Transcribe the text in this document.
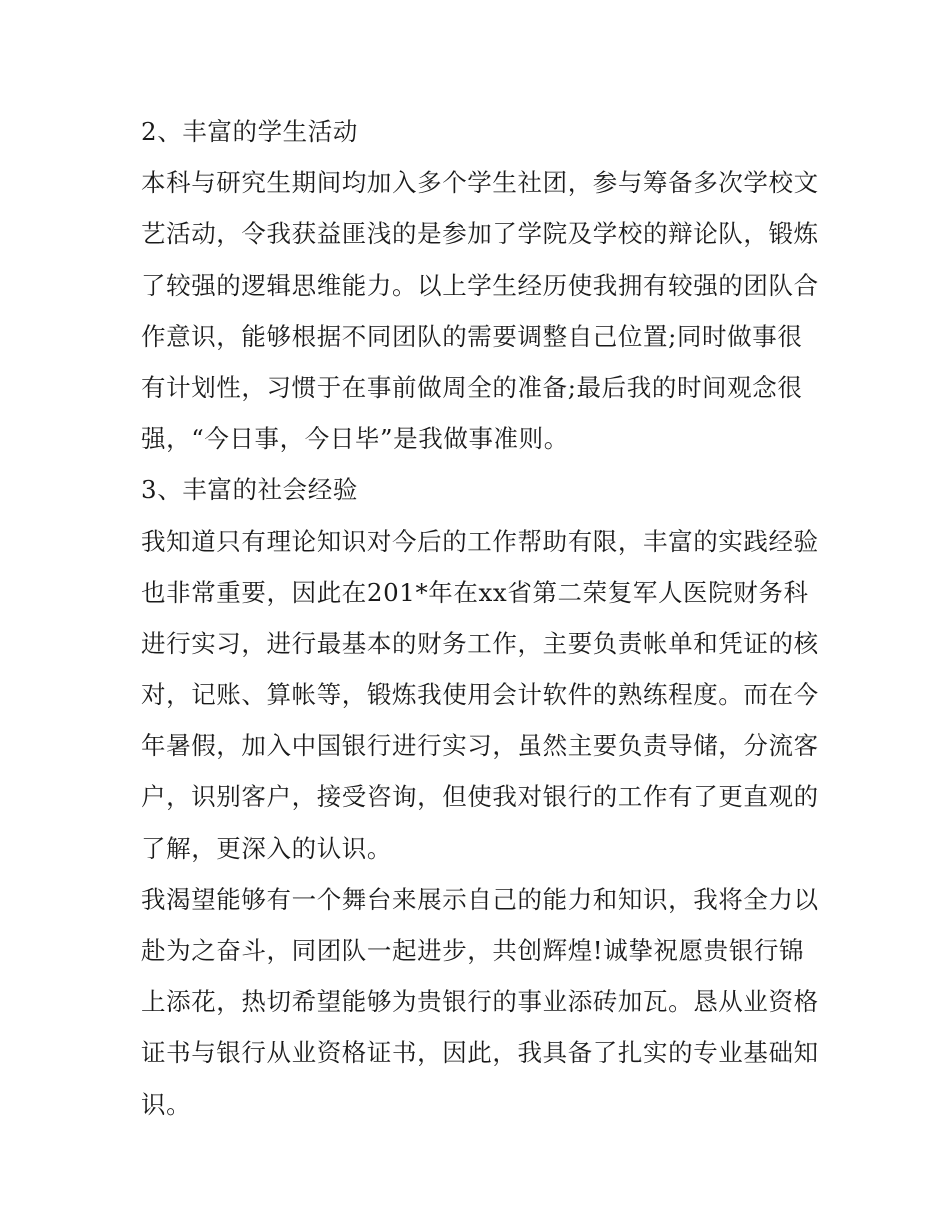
2、丰富的学生活动
本科与研究生期间均加入多个学生社团，参与筹备多次学校文
艺活动，令我获益匪浅的是参加了学院及学校的辩论队，锻炼
了较强的逻辑思维能力。以上学生经历使我拥有较强的团队合
作意识，能够根据不同团队的需要调整自己位置;同时做事很
有计划性，习惯于在事前做周全的准备;最后我的时间观念很
强，“今日事，今日毕”是我做事准则。
3、丰富的社会经验
我知道只有理论知识对今后的工作帮助有限，丰富的实践经验
也非常重要，因此在201*年在xx省第二荣复军人医院财务科
进行实习，进行最基本的财务工作，主要负责帐单和凭证的核
对，记账、算帐等，锻炼我使用会计软件的熟练程度。而在今
年暑假，加入中国银行进行实习，虽然主要负责导储，分流客
户，识别客户，接受咨询，但使我对银行的工作有了更直观的
了解，更深入的认识。
我渴望能够有一个舞台来展示自己的能力和知识，我将全力以
赴为之奋斗，同团队一起进步，共创辉煌!诚挚祝愿贵银行锦
上添花，热切希望能够为贵银行的事业添砖加瓦。恳从业资格
证书与银行从业资格证书，因此，我具备了扎实的专业基础知
识。
